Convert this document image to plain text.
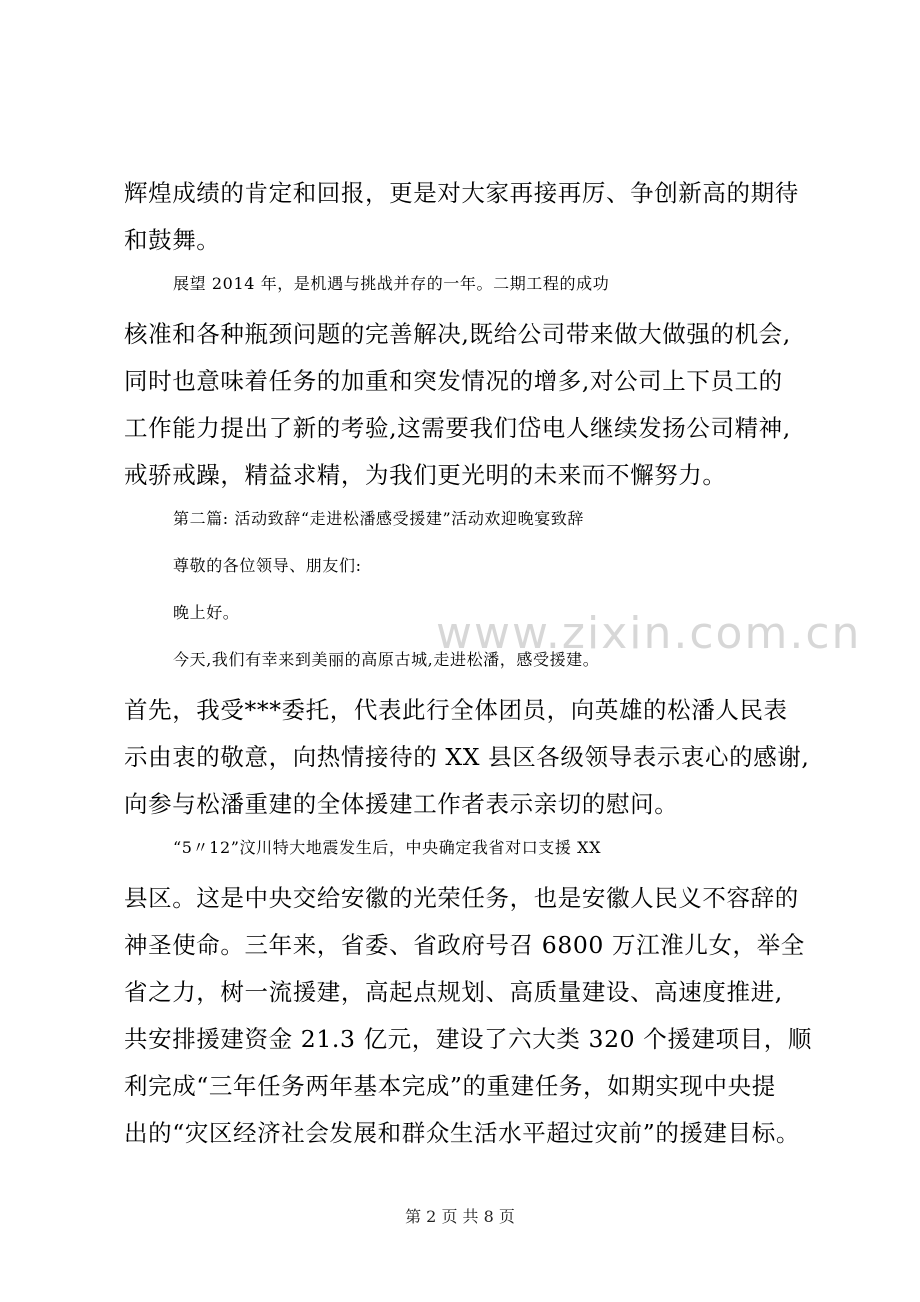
辉煌成绩的肯定和回报，更是对大家再接再厉、争创新高的期待
和鼓舞。
展望 2014 年，是机遇与挑战并存的一年。二期工程的成功
核准和各种瓶颈问题的完善解决,既给公司带来做大做强的机会,
同时也意味着任务的加重和突发情况的增多,对公司上下员工的
工作能力提出了新的考验,这需要我们岱电人继续发扬公司精神,
戒骄戒躁，精益求精，为我们更光明的未来而不懈努力。
第二篇: 活动致辞“走进松潘感受援建”活动欢迎晚宴致辞
尊敬的各位领导、朋友们:
晚上好。
今天,我们有幸来到美丽的高原古城,走进松潘，感受援建。
首先，我受***委托，代表此行全体团员，向英雄的松潘人民表
示由衷的敬意，向热情接待的 XX 县区各级领导表示衷心的感谢,
向参与松潘重建的全体援建工作者表示亲切的慰问。
“5〃12”汶川特大地震发生后，中央确定我省对口支援 XX
县区。这是中央交给安徽的光荣任务，也是安徽人民义不容辞的
神圣使命。三年来，省委、省政府号召 6800 万江淮儿女，举全
省之力，树一流援建，高起点规划、高质量建设、高速度推进,
共安排援建资金 21.3 亿元，建设了六大类 320 个援建项目，顺
利完成“三年任务两年基本完成”的重建任务，如期实现中央提
出的“灾区经济社会发展和群众生活水平超过灾前”的援建目标。
www.zixin.com.cn
第 2 页 共 8 页
